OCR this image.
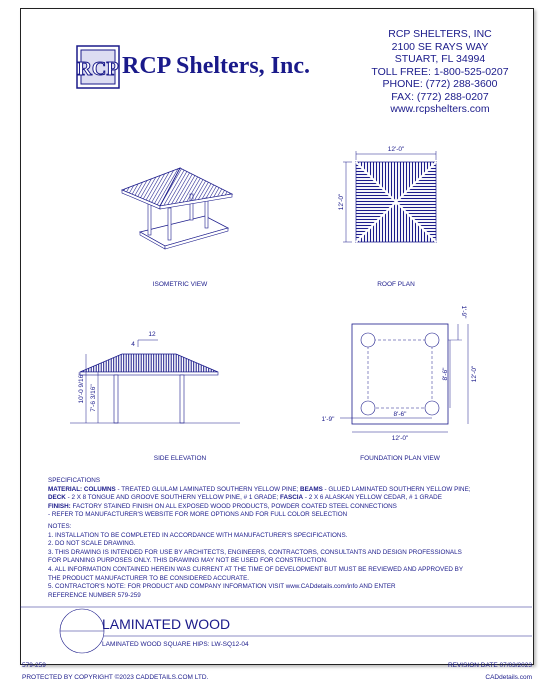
RCP RCP Shelters, Inc.
RCP SHELTERS, INC
2100 SE RAYS WAY
STUART, FL 34994
TOLL FREE: 1-800-525-0207
PHONE: (772) 288-3600
FAX: (772) 288-0207
www.rcpshelters.com
ISOMETRIC VIEW
12'-0"
12'-0"
ROOF PLAN
12
4
10'-0 9/16" 7'-6 3/16"
SIDE ELEVATION
1'-9"
8'-6"	12'-0"
8'-6"
12'-0"
1'-9"
FOUNDATION PLAN VIEW
SPECIFICATIONS
MATERIAL: COLUMNS - TREATED GLULAM LAMINATED SOUTHERN YELLOW PINE; BEAMS - GLUED LAMINATED SOUTHERN YELLOW PINE;
DECK - 2 X 8 TONGUE AND GROOVE SOUTHERN YELLOW PINE, # 1 GRADE; FASCIA - 2 X 6 ALASKAN YELLOW CEDAR, # 1 GRADE
FINISH: FACTORY STAINED FINISH ON ALL EXPOSED WOOD PRODUCTS, POWDER COATED STEEL CONNECTIONS
- REFER TO MANUFACTURER'S WEBSITE FOR MORE OPTIONS AND FOR FULL COLOR SELECTION
NOTES:
1. INSTALLATION TO BE COMPLETED IN ACCORDANCE WITH MANUFACTURER'S SPECIFICATIONS.
2. DO NOT SCALE DRAWING.
3. THIS DRAWING IS INTENDED FOR USE BY ARCHITECTS, ENGINEERS, CONTRACTORS, CONSULTANTS AND DESIGN PROFESSIONALS
FOR PLANNING PURPOSES ONLY. THIS DRAWING MAY NOT BE USED FOR CONSTRUCTION.
4. ALL INFORMATION CONTAINED HEREIN WAS CURRENT AT THE TIME OF DEVELOPMENT BUT MUST BE REVIEWED AND APPROVED BY
THE PRODUCT MANUFACTURER TO BE CONSIDERED ACCURATE.
5. CONTRACTOR'S NOTE: FOR PRODUCT AND COMPANY INFORMATION VISIT www.CADdetails.com/info AND ENTER
REFERENCE NUMBER 579-259
LAMINATED WOOD
LAMINATED WOOD SQUARE HIPS: LW-SQ12-04
579-259	REVISION DATE 07/03/2023
PROTECTED BY COPYRIGHT ©2023 CADDETAILS.COM LTD.	CADdetails.com
